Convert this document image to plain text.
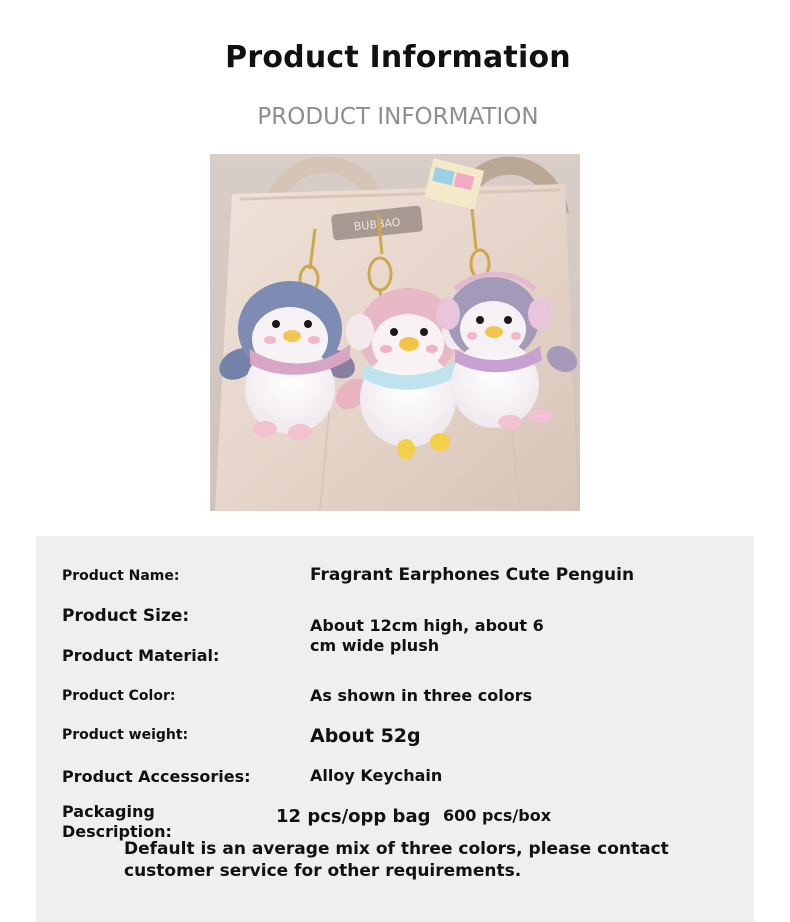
Product Information
PRODUCT INFORMATION
BUBBAO
Product Name:	Fragrant Earphones Cute Penguin
Product Size:	About 12cm high, about 6 cm wide plush
Product Material:
Product Color:	As shown in three colors
Product weight:	About 52g
Product Accessories:	Alloy Keychain
Packaging Description:
12 pcs/opp bag 600 pcs/box
Default is an average mix of three colors, please contact customer service for other requirements.
